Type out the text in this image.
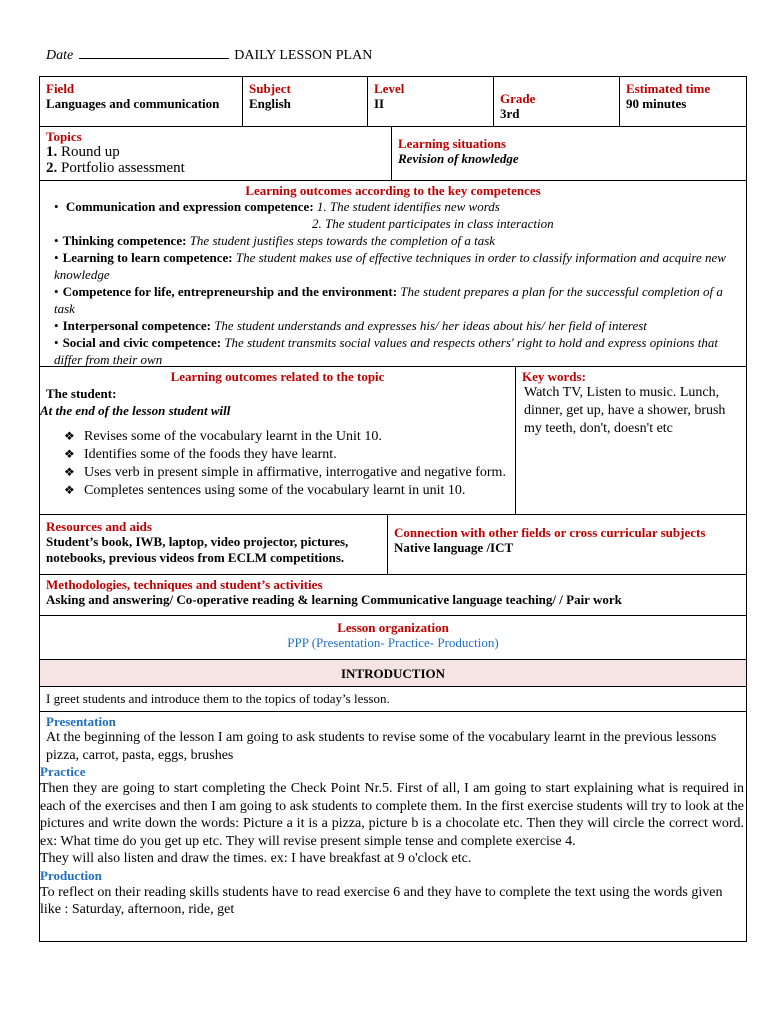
Date	DAILY LESSON PLAN
Field
Languages and communication
Subject
English
Level
II	Grade
3rd
Estimated time
90 minutes
Topics
1. Round up
2. Portfolio assessment
Learning situations
Revision of knowledge
Learning outcomes according to the key competences
• Communication and expression competence: 1. The student identifies new words
2. The student participates in class interaction
• Thinking competence: The student justifies steps towards the completion of a task
• Learning to learn competence: The student makes use of effective techniques in order to classify information and acquire new knowledge
• Competence for life, entrepreneurship and the environment: The student prepares a plan for the successful completion of a task
• Interpersonal competence: The student understands and expresses his/ her ideas about his/ her field of interest
• Social and civic competence: The student transmits social values and respects others' right to hold and express opinions that differ from their own
Learning outcomes related to the topic
The student:
At the end of the lesson student will
❖ Revises some of the vocabulary learnt in the Unit 10.
❖ Identifies some of the foods they have learnt.
❖ Uses verb in present simple in affirmative, interrogative and negative form.
❖ Completes sentences using some of the vocabulary learnt in unit 10.
Key words:
Watch TV, Listen to music. Lunch, dinner, get up, have a shower, brush my teeth, don't, doesn't etc
Resources and aids
Student’s book, IWB, laptop, video projector, pictures, notebooks, previous videos from ECLM competitions.
Connection with other fields or cross curricular subjects
Native language /ICT
Methodologies, techniques and student’s activities
Asking and answering/ Co-operative reading & learning Communicative language teaching/ / Pair work
Lesson organization
PPP (Presentation- Practice- Production)
INTRODUCTION
I greet students and introduce them to the topics of today’s lesson.
Presentation
At the beginning of the lesson I am going to ask students to revise some of the vocabulary learnt in the previous lessons pizza, carrot, pasta, eggs, brushes
Practice
Then they are going to start completing the Check Point Nr.5. First of all, I am going to start explaining what is required in each of the exercises and then I am going to ask students to complete them. In the first exercise students will try to look at the pictures and write down the words: Picture a it is a pizza, picture b is a chocolate etc. Then they will circle the correct word. ex: What time do you get up etc. They will revise present simple tense and complete exercise 4.
They will also listen and draw the times. ex: I have breakfast at 9 o'clock etc.
Production
To reflect on their reading skills students have to read exercise 6 and they have to complete the text using the words given like : Saturday, afternoon, ride, get
